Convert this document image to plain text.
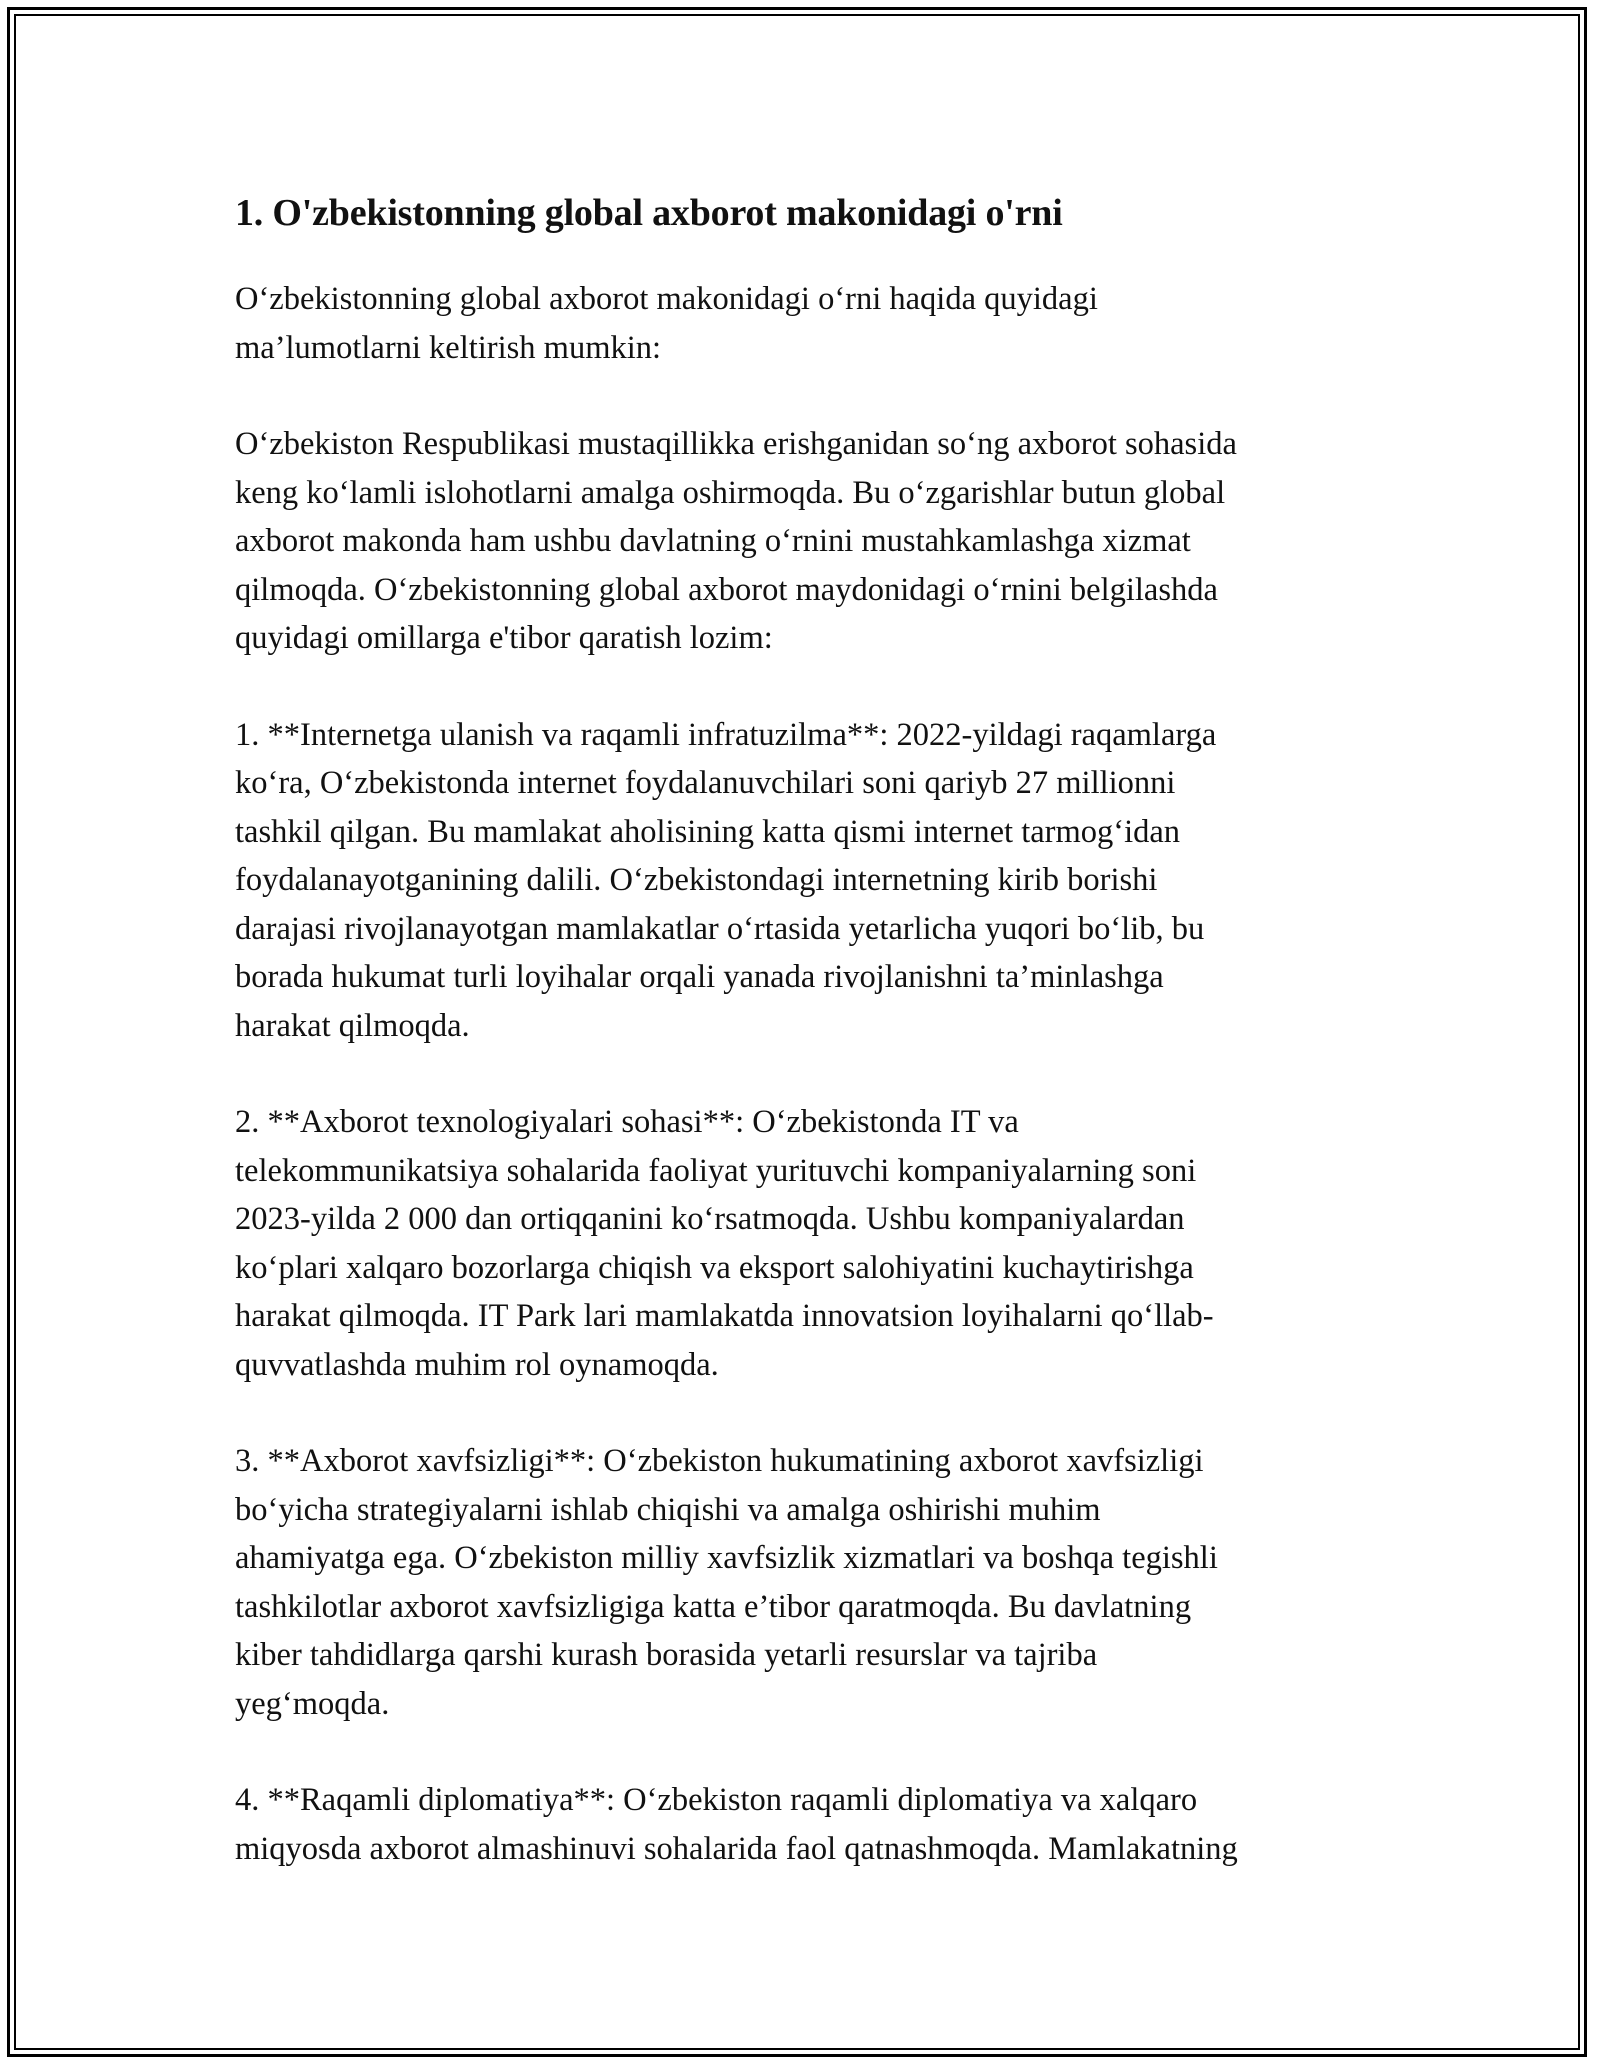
1. O'zbekistonning global axborot makonidagi o'rni

O‘zbekistonning global axborot makonidagi o‘rni haqida quyidagi
ma’lumotlarni keltirish mumkin:

O‘zbekiston Respublikasi mustaqillikka erishganidan so‘ng axborot sohasida
keng ko‘lamli islohotlarni amalga oshirmoqda. Bu o‘zgarishlar butun global
axborot makonda ham ushbu davlatning o‘rnini mustahkamlashga xizmat
qilmoqda. O‘zbekistonning global axborot maydonidagi o‘rnini belgilashda
quyidagi omillarga e'tibor qaratish lozim:

1. **Internetga ulanish va raqamli infratuzilma**: 2022-yildagi raqamlarga
ko‘ra, O‘zbekistonda internet foydalanuvchilari soni qariyb 27 millionni
tashkil qilgan. Bu mamlakat aholisining katta qismi internet tarmog‘idan
foydalanayotganining dalili. O‘zbekistondagi internetning kirib borishi
darajasi rivojlanayotgan mamlakatlar o‘rtasida yetarlicha yuqori bo‘lib, bu
borada hukumat turli loyihalar orqali yanada rivojlanishni ta’minlashga
harakat qilmoqda.

2. **Axborot texnologiyalari sohasi**: O‘zbekistonda IT va
telekommunikatsiya sohalarida faoliyat yurituvchi kompaniyalarning soni
2023-yilda 2 000 dan ortiqqanini ko‘rsatmoqda. Ushbu kompaniyalardan
ko‘plari xalqaro bozorlarga chiqish va eksport salohiyatini kuchaytirishga
harakat qilmoqda. IT Park lari mamlakatda innovatsion loyihalarni qo‘llab-
quvvatlashda muhim rol oynamoqda.

3. **Axborot xavfsizligi**: O‘zbekiston hukumatining axborot xavfsizligi
bo‘yicha strategiyalarni ishlab chiqishi va amalga oshirishi muhim
ahamiyatga ega. O‘zbekiston milliy xavfsizlik xizmatlari va boshqa tegishli
tashkilotlar axborot xavfsizligiga katta e’tibor qaratmoqda. Bu davlatning
kiber tahdidlarga qarshi kurash borasida yetarli resurslar va tajriba
yeg‘moqda.

4. **Raqamli diplomatiya**: O‘zbekiston raqamli diplomatiya va xalqaro
miqyosda axborot almashinuvi sohalarida faol qatnashmoqda. Mamlakatning
